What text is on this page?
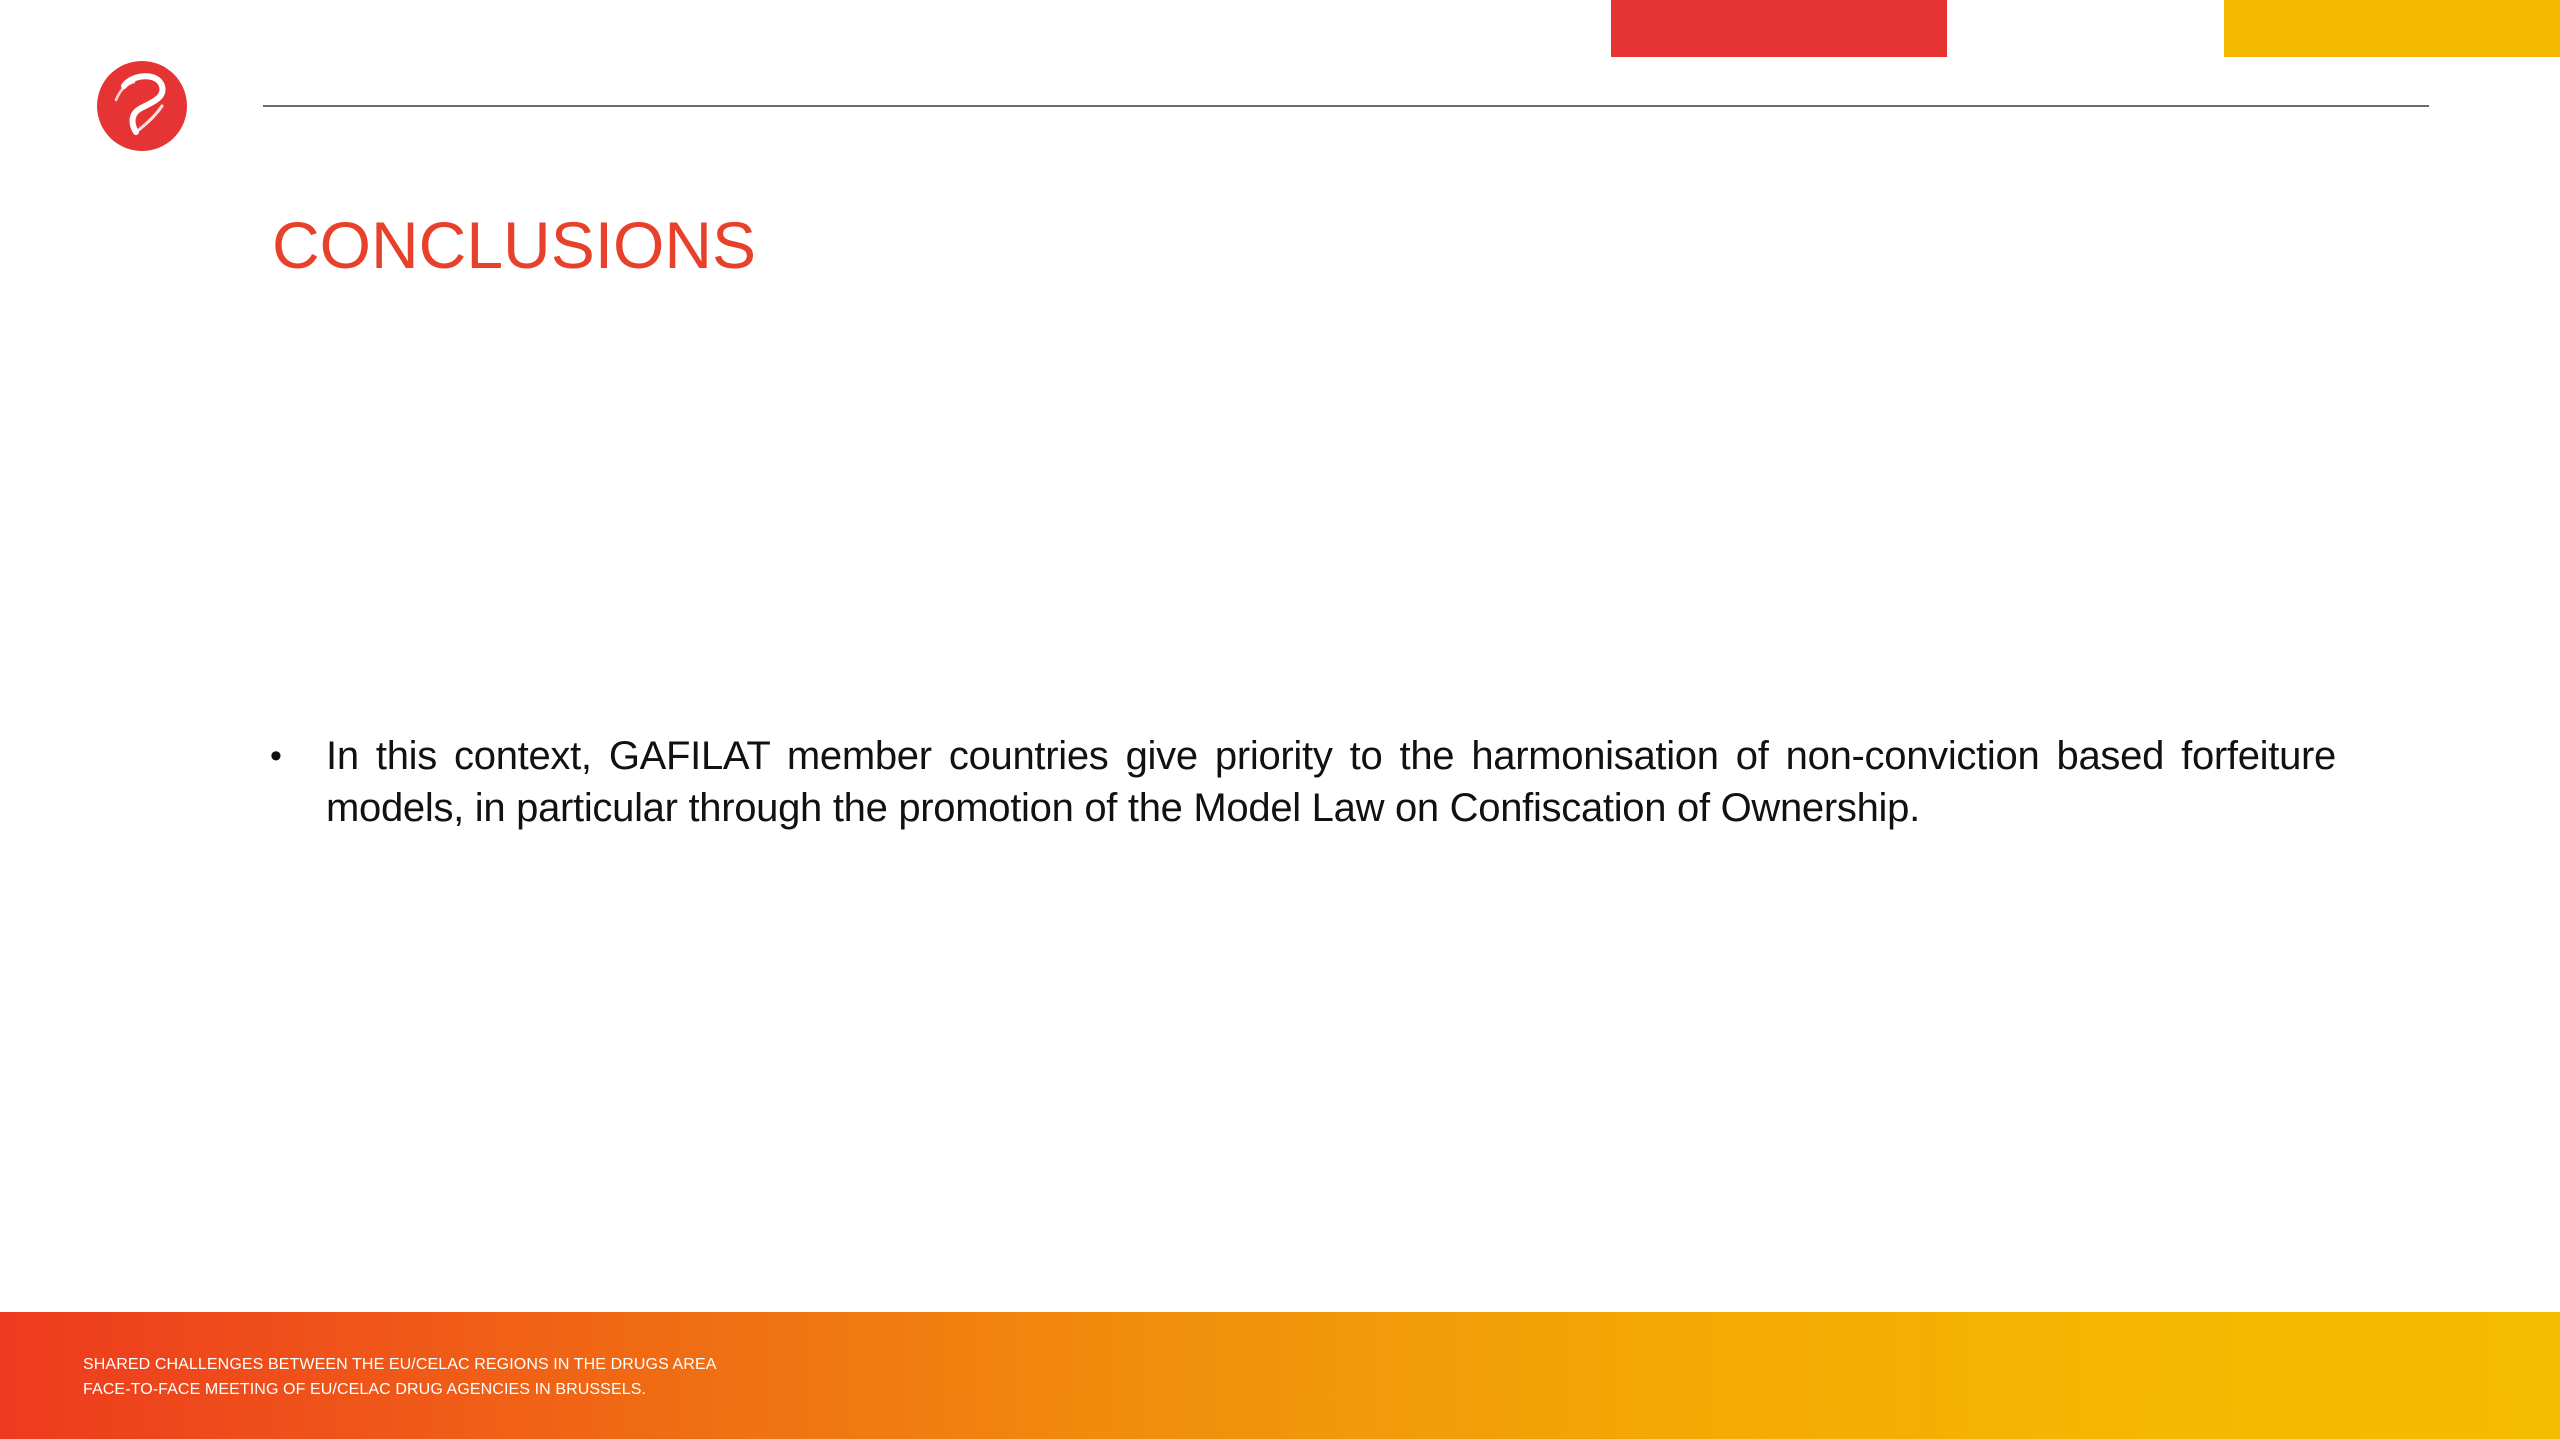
CONCLUSIONS
• In this context, GAFILAT member countries give priority to the harmonisation of non-conviction based forfeiture models, in particular through the promotion of the Model Law on Confiscation of Ownership.
SHARED CHALLENGES BETWEEN THE EU/CELAC REGIONS IN THE DRUGS AREA
FACE-TO-FACE MEETING OF EU/CELAC DRUG AGENCIES IN BRUSSELS.
